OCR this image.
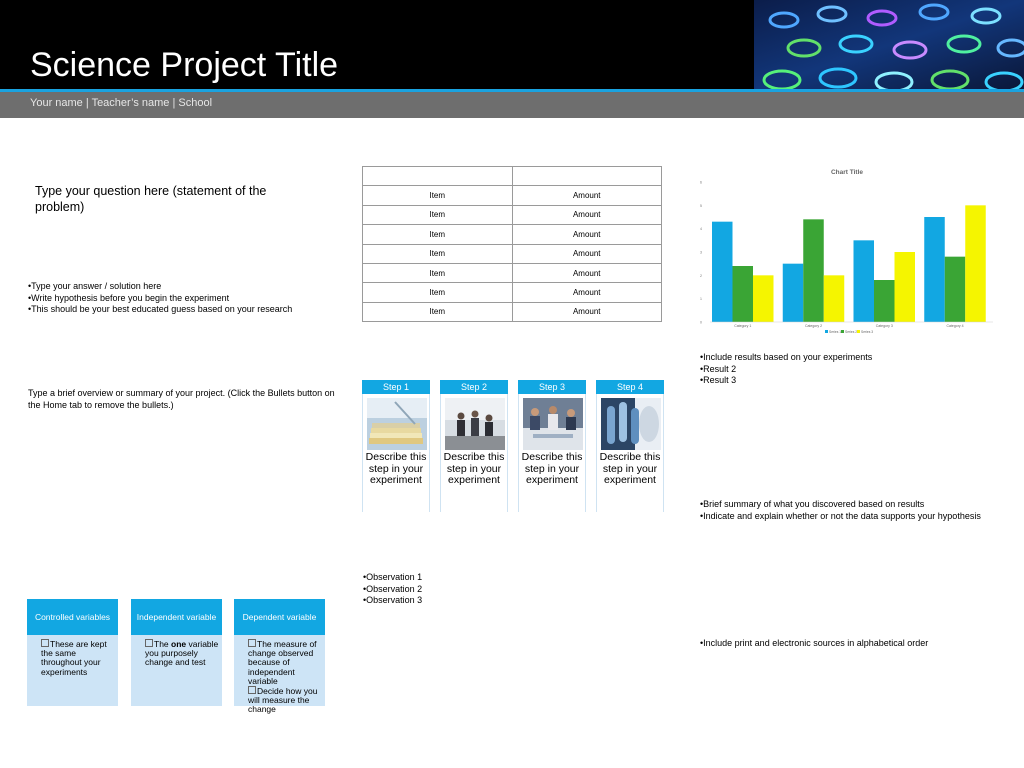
Science Project Title
Your name | Teacher’s name | School
Type your question here (statement of the problem)
•Type your answer / solution here
•Write hypothesis before you begin the experiment
•This should be your best educated guess based on your research
Type a brief overview or summary of your project. (Click the Bullets button on the Home tab to remove the bullets.)
Controlled variables
These are kept the same throughout your experiments
Independent variable
The one variable you purposely change and test
Dependent variable
The measure of change observed because of independent variable
Decide how you will measure the change

Item	Amount
Item	Amount
Item	Amount
Item	Amount
Item	Amount
Item	Amount
Item	Amount
Step 1
Describe this step in your experiment
Step 2
Describe this step in your experiment
Step 3
Describe this step in your experiment
Step 4
Describe this step in your experiment
•Observation 1
•Observation 2
•Observation 3
Chart Title
0
1
2
3
4
5
6
Category 1	Category 2	Category 3	Category 4
Series 1 Series 2 Series 3
•Include results based on your experiments
•Result 2
•Result 3
•Brief summary of what you discovered based on results
•Indicate and explain whether or not the data supports your hypothesis
•Include print and electronic sources in alphabetical order
